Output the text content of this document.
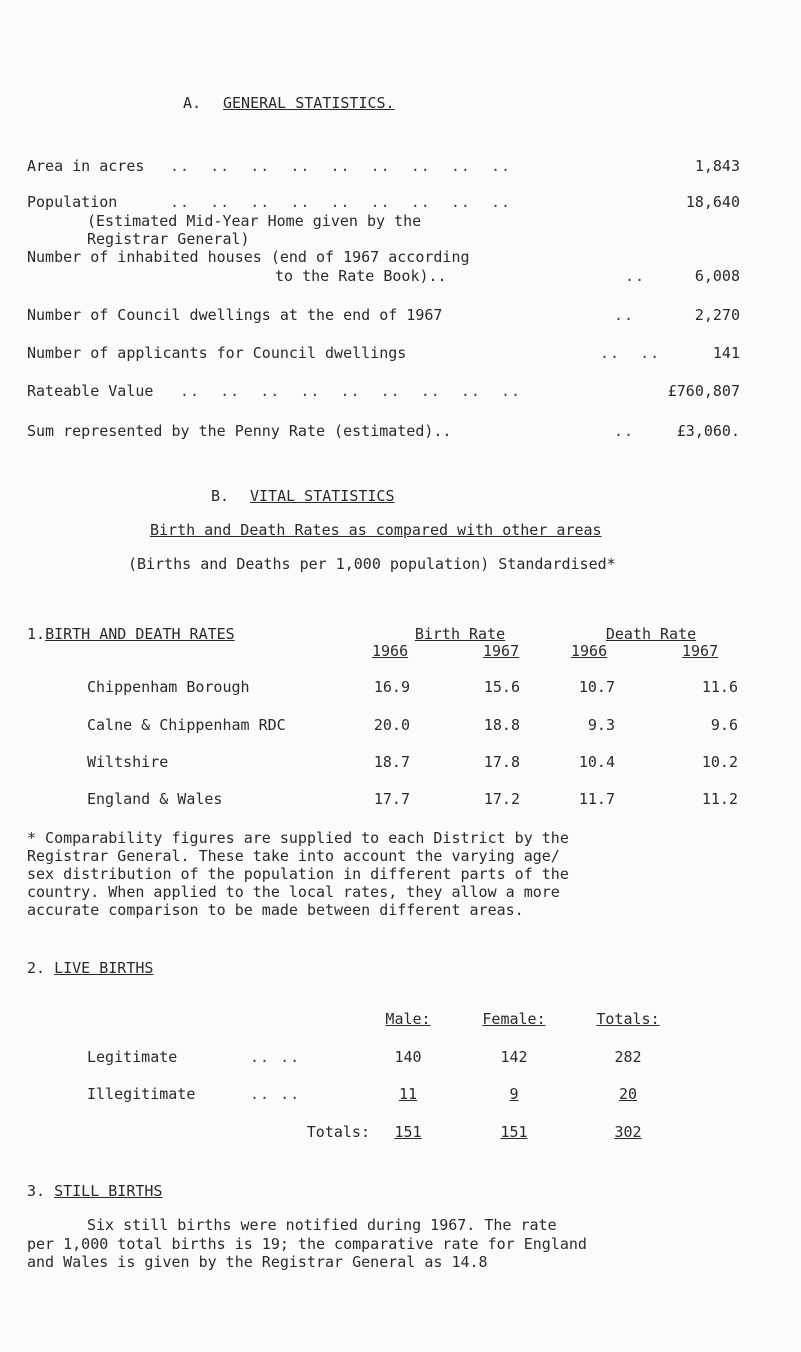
A. GENERAL STATISTICS.
Area in acres ..  ..  ..  ..  ..  ..  ..  ..  ..	1,843
Population	..  ..  ..  ..  ..  ..  ..  ..  ..	18,640
(Estimated Mid-Year Home given by the
Registrar General)
Number of inhabited houses (end of 1967 according
to the Rate Book)..	..	6,008
Number of Council dwellings at the end of 1967	..	2,270
Number of applicants for Council dwellings	..  ..	141
Rateable Value ..  ..  ..  ..  ..  ..  ..  ..  ..	£760,807
Sum represented by the Penny Rate (estimated)..	..	£3,060.
B. VITAL STATISTICS
Birth and Death Rates as compared with other areas
(Births and Deaths per 1,000 population) Standardised*
1.BIRTH AND DEATH RATES	Birth Rate	Death Rate
1966	1967	1966	1967
Chippenham Borough	16.9	15.6	10.7	11.6
Calne & Chippenham RDC	20.0	18.8	9.3	9.6
Wiltshire	18.7	17.8	10.4	10.2
England & Wales	17.7	17.2	11.7	11.2
* Comparability figures are supplied to each District by the
Registrar General. These take into account the varying age/
sex distribution of the population in different parts of the
country. When applied to the local rates, they allow a more
accurate comparison to be made between different areas.
2. LIVE BIRTHS
Male:	Female:	Totals:
Legitimate	.. ..	140	142	282
Illegitimate	.. ..	11	9	20
Totals:	151	151	302
3. STILL BIRTHS
Six still births were notified during 1967. The rate
per 1,000 total births is 19; the comparative rate for England
and Wales is given by the Registrar General as 14.8
